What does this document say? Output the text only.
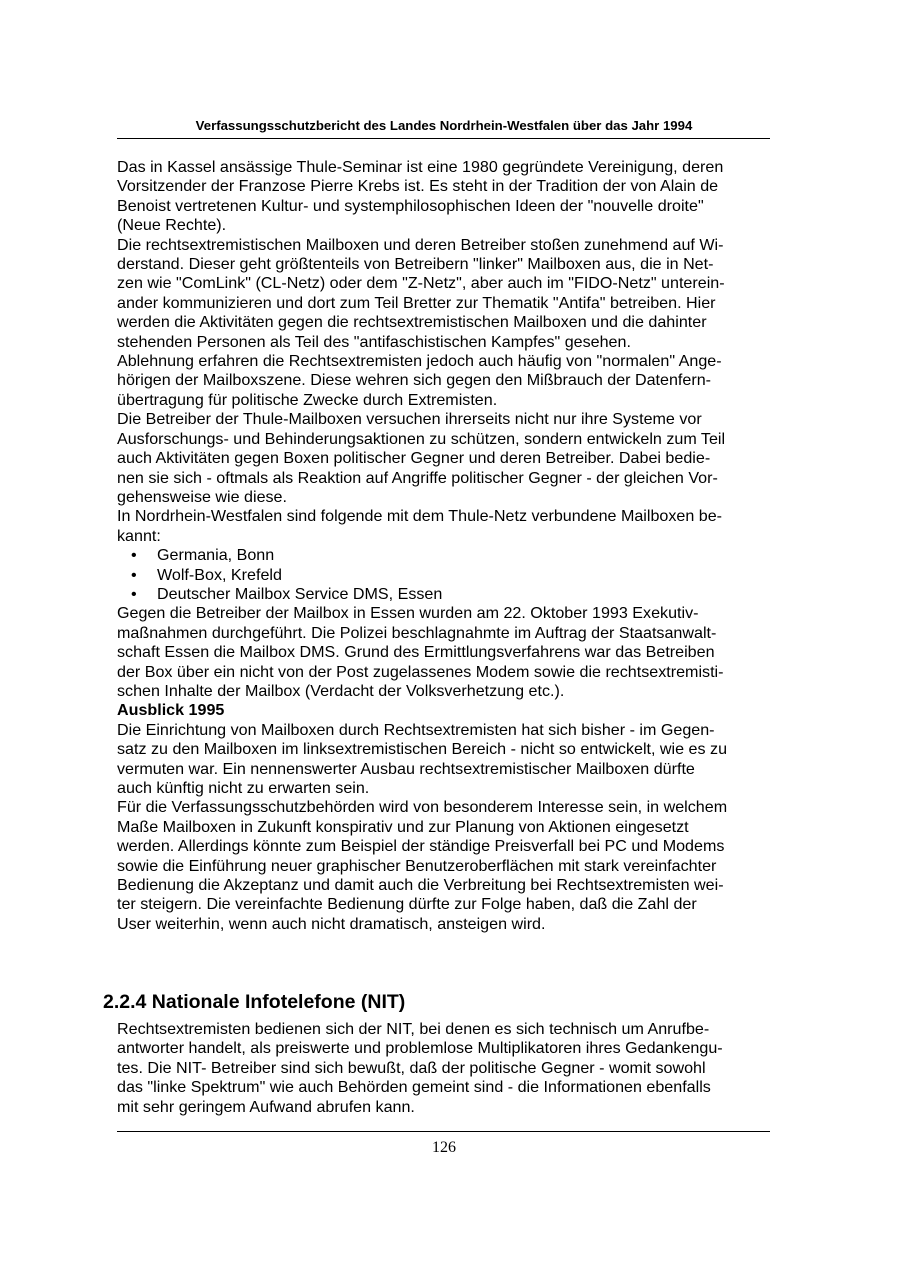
Verfassungsschutzbericht des Landes Nordrhein-Westfalen über das Jahr 1994
Das in Kassel ansässige Thule-Seminar ist eine 1980 gegründete Vereinigung, deren
Vorsitzender der Franzose Pierre Krebs ist. Es steht in der Tradition der von Alain de
Benoist vertretenen Kultur- und systemphilosophischen Ideen der "nouvelle droite"
(Neue Rechte).
Die rechtsextremistischen Mailboxen und deren Betreiber stoßen zunehmend auf Wi-
derstand. Dieser geht größtenteils von Betreibern "linker" Mailboxen aus, die in Net-
zen wie "ComLink" (CL-Netz) oder dem "Z-Netz", aber auch im "FIDO-Netz" unterein-
ander kommunizieren und dort zum Teil Bretter zur Thematik "Antifa" betreiben. Hier
werden die Aktivitäten gegen die rechtsextremistischen Mailboxen und die dahinter
stehenden Personen als Teil des "antifaschistischen Kampfes" gesehen.
Ablehnung erfahren die Rechtsextremisten jedoch auch häufig von "normalen" Ange-
hörigen der Mailboxszene. Diese wehren sich gegen den Mißbrauch der Datenfern-
übertragung für politische Zwecke durch Extremisten.
Die Betreiber der Thule-Mailboxen versuchen ihrerseits nicht nur ihre Systeme vor
Ausforschungs- und Behinderungsaktionen zu schützen, sondern entwickeln zum Teil
auch Aktivitäten gegen Boxen politischer Gegner und deren Betreiber. Dabei bedie-
nen sie sich - oftmals als Reaktion auf Angriffe politischer Gegner - der gleichen Vor-
gehensweise wie diese.
In Nordrhein-Westfalen sind folgende mit dem Thule-Netz verbundene Mailboxen be-
kannt:
• Germania, Bonn
• Wolf-Box, Krefeld
• Deutscher Mailbox Service DMS, Essen
Gegen die Betreiber der Mailbox in Essen wurden am 22. Oktober 1993 Exekutiv-
maßnahmen durchgeführt. Die Polizei beschlagnahmte im Auftrag der Staatsanwalt-
schaft Essen die Mailbox DMS. Grund des Ermittlungsverfahrens war das Betreiben
der Box über ein nicht von der Post zugelassenes Modem sowie die rechtsextremisti-
schen Inhalte der Mailbox (Verdacht der Volksverhetzung etc.).
Ausblick 1995
Die Einrichtung von Mailboxen durch Rechtsextremisten hat sich bisher - im Gegen-
satz zu den Mailboxen im linksextremistischen Bereich - nicht so entwickelt, wie es zu
vermuten war. Ein nennenswerter Ausbau rechtsextremistischer Mailboxen dürfte
auch künftig nicht zu erwarten sein.
Für die Verfassungsschutzbehörden wird von besonderem Interesse sein, in welchem
Maße Mailboxen in Zukunft konspirativ und zur Planung von Aktionen eingesetzt
werden. Allerdings könnte zum Beispiel der ständige Preisverfall bei PC und Modems
sowie die Einführung neuer graphischer Benutzeroberflächen mit stark vereinfachter
Bedienung die Akzeptanz und damit auch die Verbreitung bei Rechtsextremisten wei-
ter steigern. Die vereinfachte Bedienung dürfte zur Folge haben, daß die Zahl der
User weiterhin, wenn auch nicht dramatisch, ansteigen wird.
2.2.4 Nationale Infotelefone (NIT)
Rechtsextremisten bedienen sich der NIT, bei denen es sich technisch um Anrufbe-
antworter handelt, als preiswerte und problemlose Multiplikatoren ihres Gedankengu-
tes. Die NIT- Betreiber sind sich bewußt, daß der politische Gegner - womit sowohl
das "linke Spektrum" wie auch Behörden gemeint sind - die Informationen ebenfalls
mit sehr geringem Aufwand abrufen kann.
126
